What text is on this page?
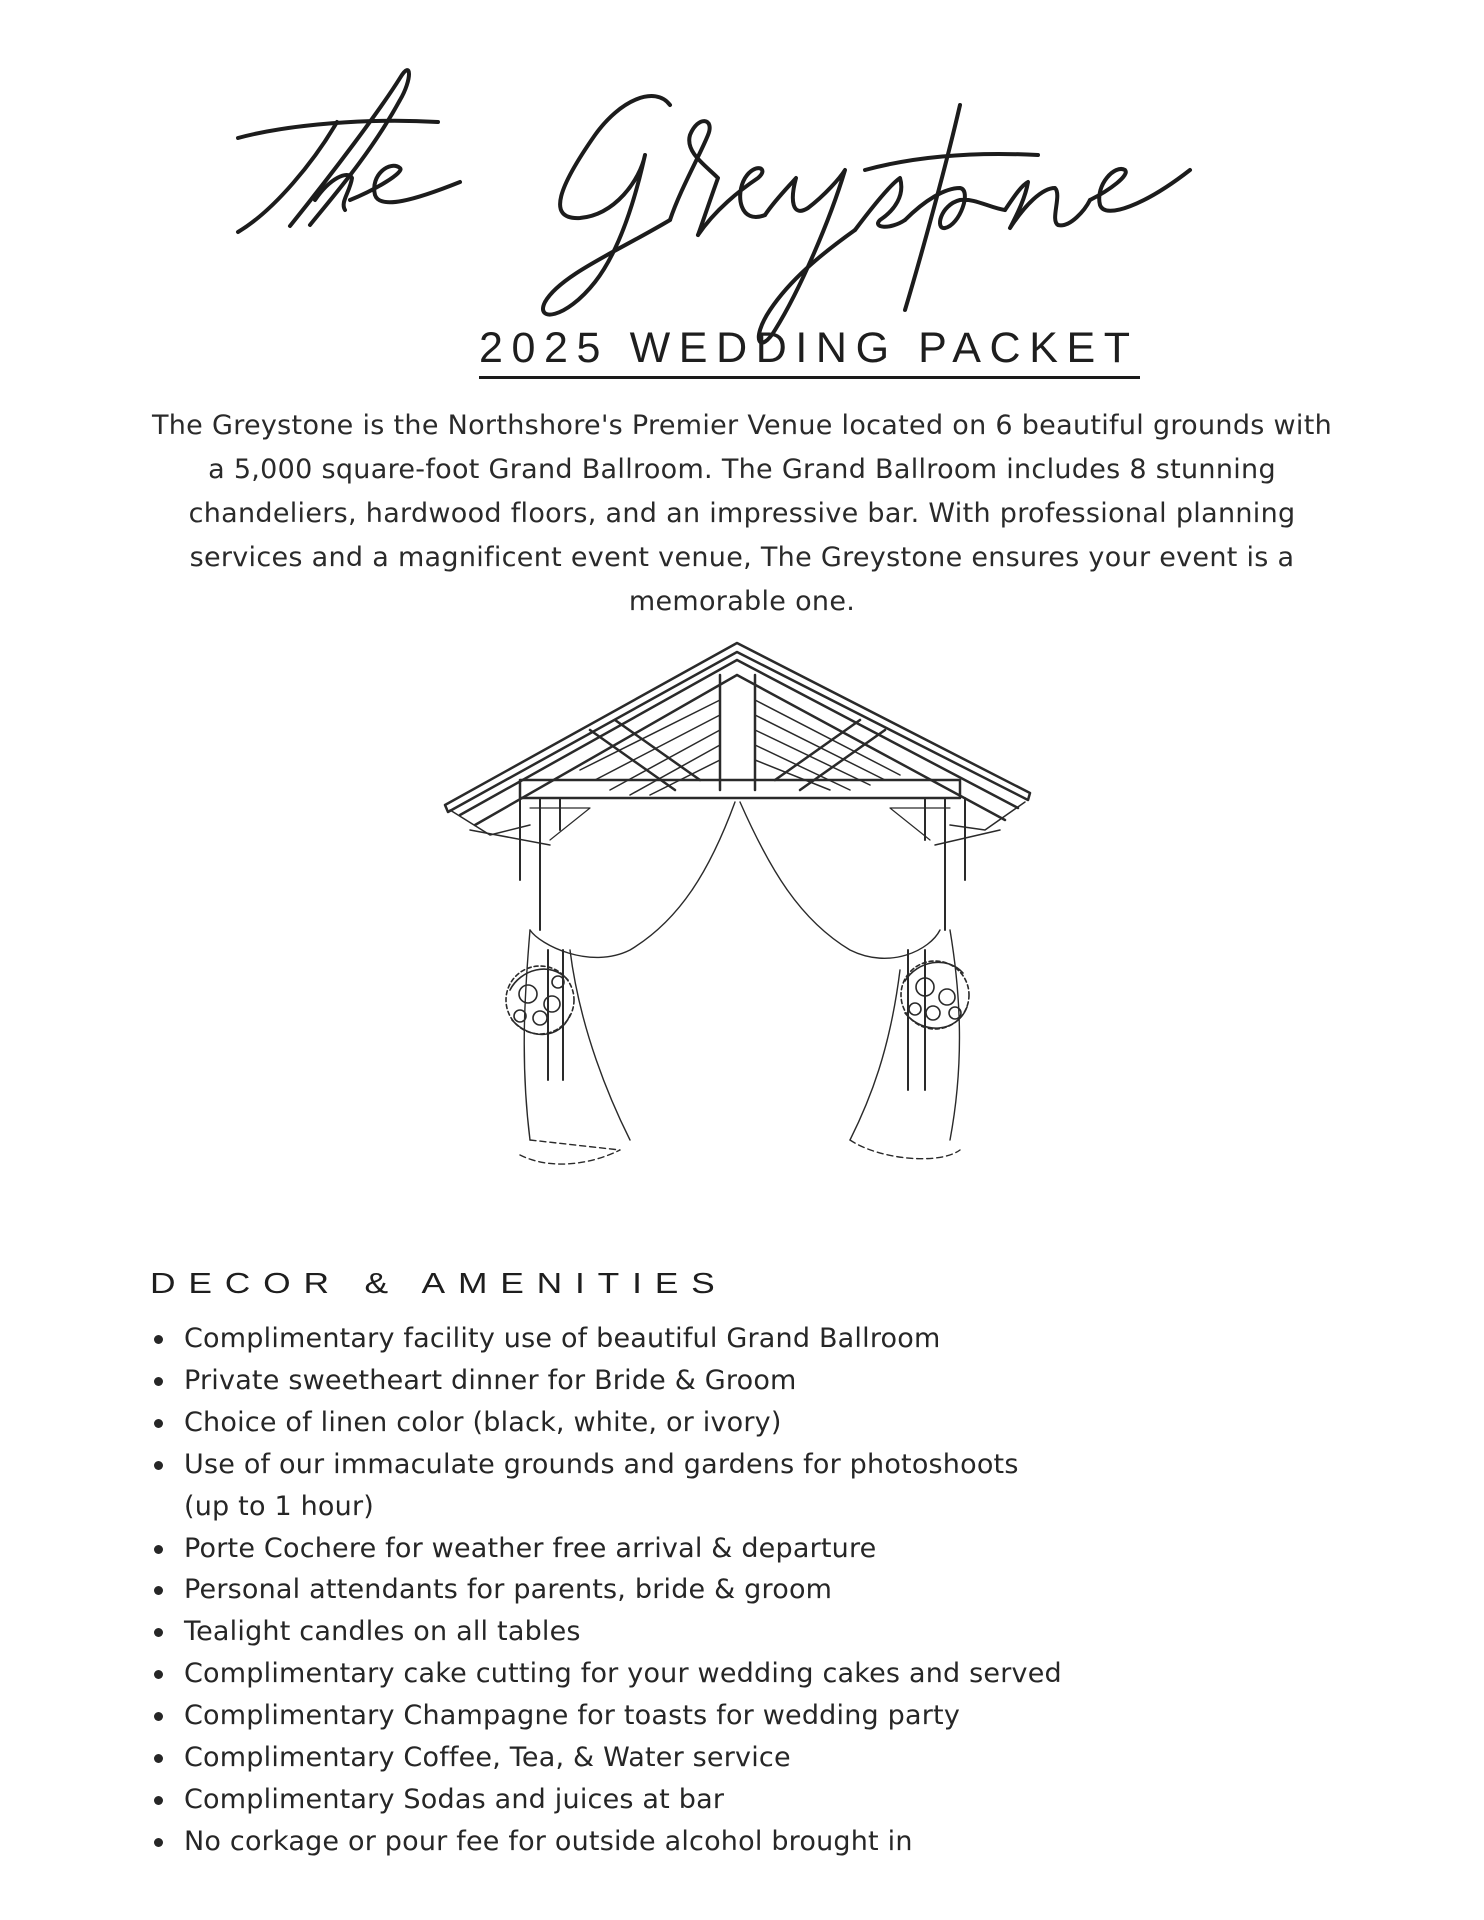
2025 WEDDING PACKET

The Greystone is the Northshore's Premier Venue located on 6 beautiful grounds with a 5,000 square-foot Grand Ballroom. The Grand Ballroom includes 8 stunning chandeliers, hardwood floors, and an impressive bar. With professional planning services and a magnificent event venue, The Greystone ensures your event is a memorable one.

DECOR & AMENITIES
Complimentary facility use of beautiful Grand Ballroom
Private sweetheart dinner for Bride & Groom
Choice of linen color (black, white, or ivory)
Use of our immaculate grounds and gardens for photoshoots (up to 1 hour)
Porte Cochere for weather free arrival & departure
Personal attendants for parents, bride & groom
Tealight candles on all tables
Complimentary cake cutting for your wedding cakes and served
Complimentary Champagne for toasts for wedding party
Complimentary Coffee, Tea, & Water service
Complimentary Sodas and juices at bar
No corkage or pour fee for outside alcohol brought in
